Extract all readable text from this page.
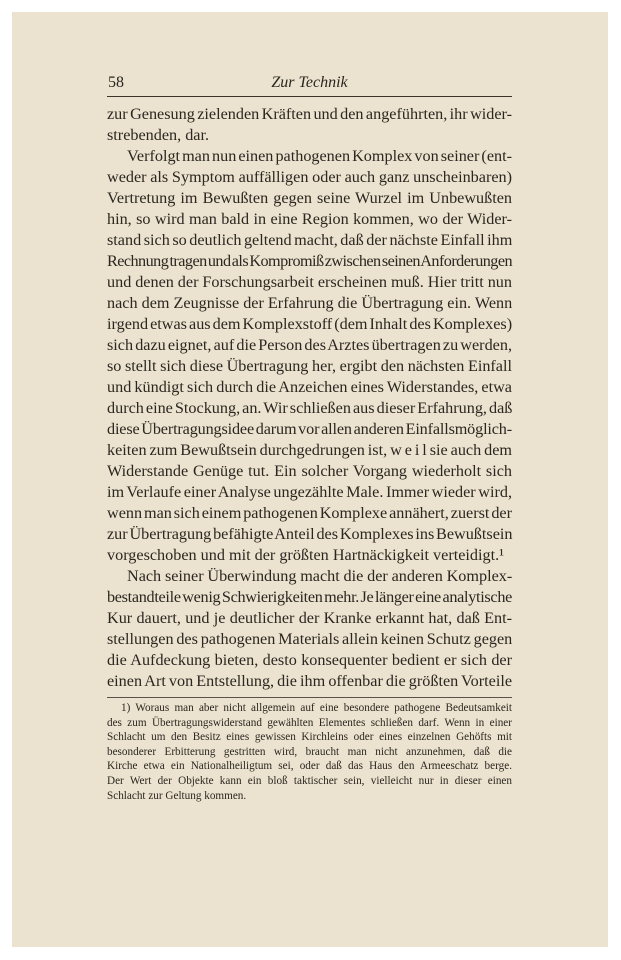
58	Zur Technik
zur Genesung zielenden Kräften und den angeführten, ihr wider-
strebenden, dar.
Verfolgt man nun einen pathogenen Komplex von seiner (ent-
weder als Symptom auffälligen oder auch ganz unscheinbaren)
Vertretung im Bewußten gegen seine Wurzel im Unbewußten
hin, so wird man bald in eine Region kommen, wo der Wider-
stand sich so deutlich geltend macht, daß der nächste Einfall ihm
Rechnung tragen und als Kompromiß zwischen seinen Anforderungen
und denen der Forschungsarbeit erscheinen muß. Hier tritt nun
nach dem Zeugnisse der Erfahrung die Übertragung ein. Wenn
irgend etwas aus dem Komplexstoff (dem Inhalt des Komplexes)
sich dazu eignet, auf die Person des Arztes übertragen zu werden,
so stellt sich diese Übertragung her, ergibt den nächsten Einfall
und kündigt sich durch die Anzeichen eines Widerstandes, etwa
durch eine Stockung, an. Wir schließen aus dieser Erfahrung, daß
diese Übertragungsidee darum vor allen anderen Einfallsmöglich-
keiten zum Bewußtsein durchgedrungen ist, w e i l sie auch dem
Widerstande Genüge tut. Ein solcher Vorgang wiederholt sich
im Verlaufe einer Analyse ungezählte Male. Immer wieder wird,
wenn man sich einem pathogenen Komplexe annähert, zuerst der
zur Übertragung befähigte Anteil des Komplexes ins Bewußtsein
vorgeschoben und mit der größten Hartnäckigkeit verteidigt.¹
Nach seiner Überwindung macht die der anderen Komplex-
bestandteile wenig Schwierigkeiten mehr. Je länger eine analytische
Kur dauert, und je deutlicher der Kranke erkannt hat, daß Ent-
stellungen des pathogenen Materials allein keinen Schutz gegen
die Aufdeckung bieten, desto konsequenter bedient er sich der
einen Art von Entstellung, die ihm offenbar die größten Vorteile
1) Woraus man aber nicht allgemein auf eine besondere pathogene Bedeutsamkeit
des zum Übertragungswiderstand gewählten Elementes schließen darf. Wenn in einer
Schlacht um den Besitz eines gewissen Kirchleins oder eines einzelnen Gehöfts mit
besonderer Erbitterung gestritten wird, braucht man nicht anzunehmen, daß die
Kirche etwa ein Nationalheiligtum sei, oder daß das Haus den Armeeschatz berge.
Der Wert der Objekte kann ein bloß taktischer sein, vielleicht nur in dieser einen
Schlacht zur Geltung kommen.
